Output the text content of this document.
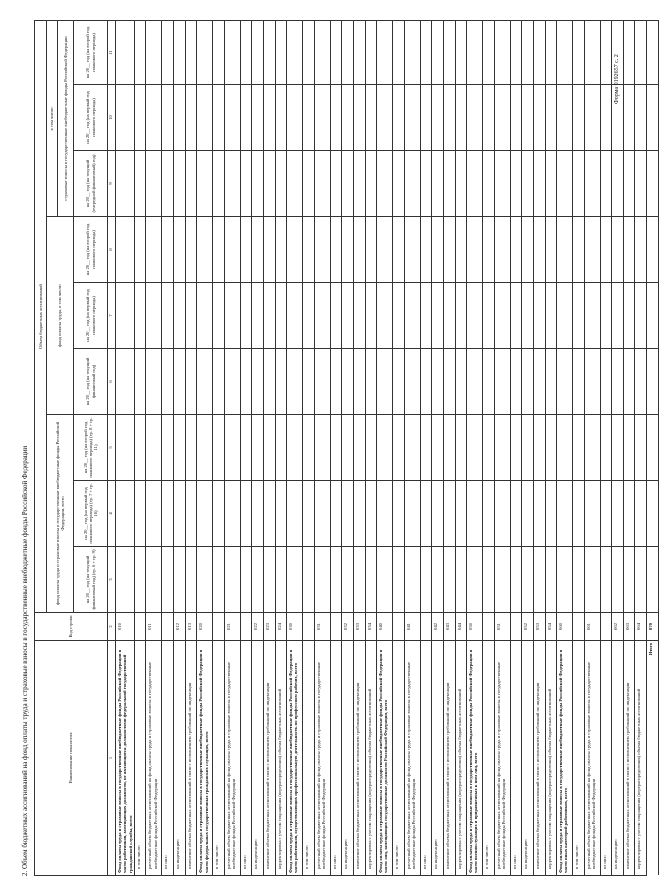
Форма 0192657 с. 2
2. Объем бюджетных ассигнований на фонд оплаты труда и страховые взносы в государственные внебюджетные фонды Российской Федерации	Наименование показателя	Код строки	Объем бюджетных ассигнований								
		фонд оплаты труда и страховые взносы в государственные внебюджетные фонды Российской Федерации, всего			фонд оплаты труда, в том числе:			в том числе:		
								страховые взносы в государственные внебюджетные фонды Российской Федерации		
		на 20__ год (на текущий финансовый год) (гр. 6 + гр. 9)	на 20__ год (на первый год планового периода) (гр. 7 + гр. 10)	на 20__ год (на второй год планового периода) (гр. 8 + гр. 11)	на 20__ год (на текущий финансовый год)	на 20__ год (на первый год планового периода)	на 20__ год (на второй год планового периода)	на 20__ год (на текущий (очередной финансовый) год)	на 20__ год (на первый год планового периода)	на 20__ год (на второй год планового периода)
1	2	3	4	5	6	7	8	9	10	11
Фонд оплаты труда и страховые взносы в государственные внебюджетные фонды Российской Федерации в части работников, замещающих должности, не являющиеся должностями федеральной государственной гражданской службы, всего	010									
в том числе:										
расчетный объем бюджетных ассигнований на фонд оплаты труда и страховые взносы в государственные внебюджетные фонды Российской Федерации	011									
из них:										
на индексацию	012									
изменение объема бюджетных ассигнований в связи с исполнением требований по индексации	013									
Фонд оплаты труда и страховые взносы в государственные внебюджетные фонды Российской Федерации в части федеральных государственных гражданских служащих, всего	020									
в том числе:										
расчетный объем бюджетных ассигнований на фонд оплаты труда и страховые взносы в государственные внебюджетные фонды Российской Федерации	021									
из них:										
на индексацию	022									
изменение объема бюджетных ассигнований в связи с исполнением требований по индексации	023									
корректировка с учетом сокращения (перераспределения) объема бюджетных ассигнований	024									
Фонд оплаты труда и страховые взносы в государственные внебюджетные фонды Российской Федерации в части работников, осуществляющих профессиональную деятельность по профессиям рабочих, всего	030									
в том числе:										
расчетный объем бюджетных ассигнований на фонд оплаты труда и страховые взносы в государственные внебюджетные фонды Российской Федерации	031									
из них:										
на индексацию	032									
изменение объема бюджетных ассигнований в связи с исполнением требований по индексации	033									
корректировка с учетом сокращения (перераспределения) объема бюджетных ассигнований	034									
Фонд оплаты труда и страховые взносы в государственные внебюджетные фонды Российской Федерации в части лиц, замещающих государственные должности Российской Федерации, всего	040									
в том числе:										
расчетный объем бюджетных ассигнований на фонд оплаты труда и страховые взносы в государственные внебюджетные фонды Российской Федерации	041									
из них:										
на индексацию	042									
изменение объема бюджетных ассигнований в связи с исполнением требований по индексации	043									
корректировка с учетом сокращения (перераспределения) объема бюджетных ассигнований	044									
Фонд оплаты труда и страховые взносы в государственные внебюджетные фонды Российской Федерации в части военнослужащих и приравненных к ним лиц, всего	050									
в том числе:										
расчетный объем бюджетных ассигнований на фонд оплаты труда и страховые взносы в государственные внебюджетные фонды Российской Федерации	051									
из них:										
на индексацию	052									
изменение объема бюджетных ассигнований в связи с исполнением требований по индексации	053									
корректировка с учетом сокращения (перераспределения) объема бюджетных ассигнований	054									
Фонд оплаты труда и страховые взносы в государственные внебюджетные фонды Российской Федерации в части иных категорий работников, всего	060									
в том числе:										
расчетный объем бюджетных ассигнований на фонд оплаты труда и страховые взносы в государственные внебюджетные фонды Российской Федерации	061									
из них:										
на индексацию	062									
изменение объема бюджетных ассигнований в связи с исполнением требований по индексации	063									
корректировка с учетом сокращения (перераспределения) объема бюджетных ассигнований	064									
Итого	070									
